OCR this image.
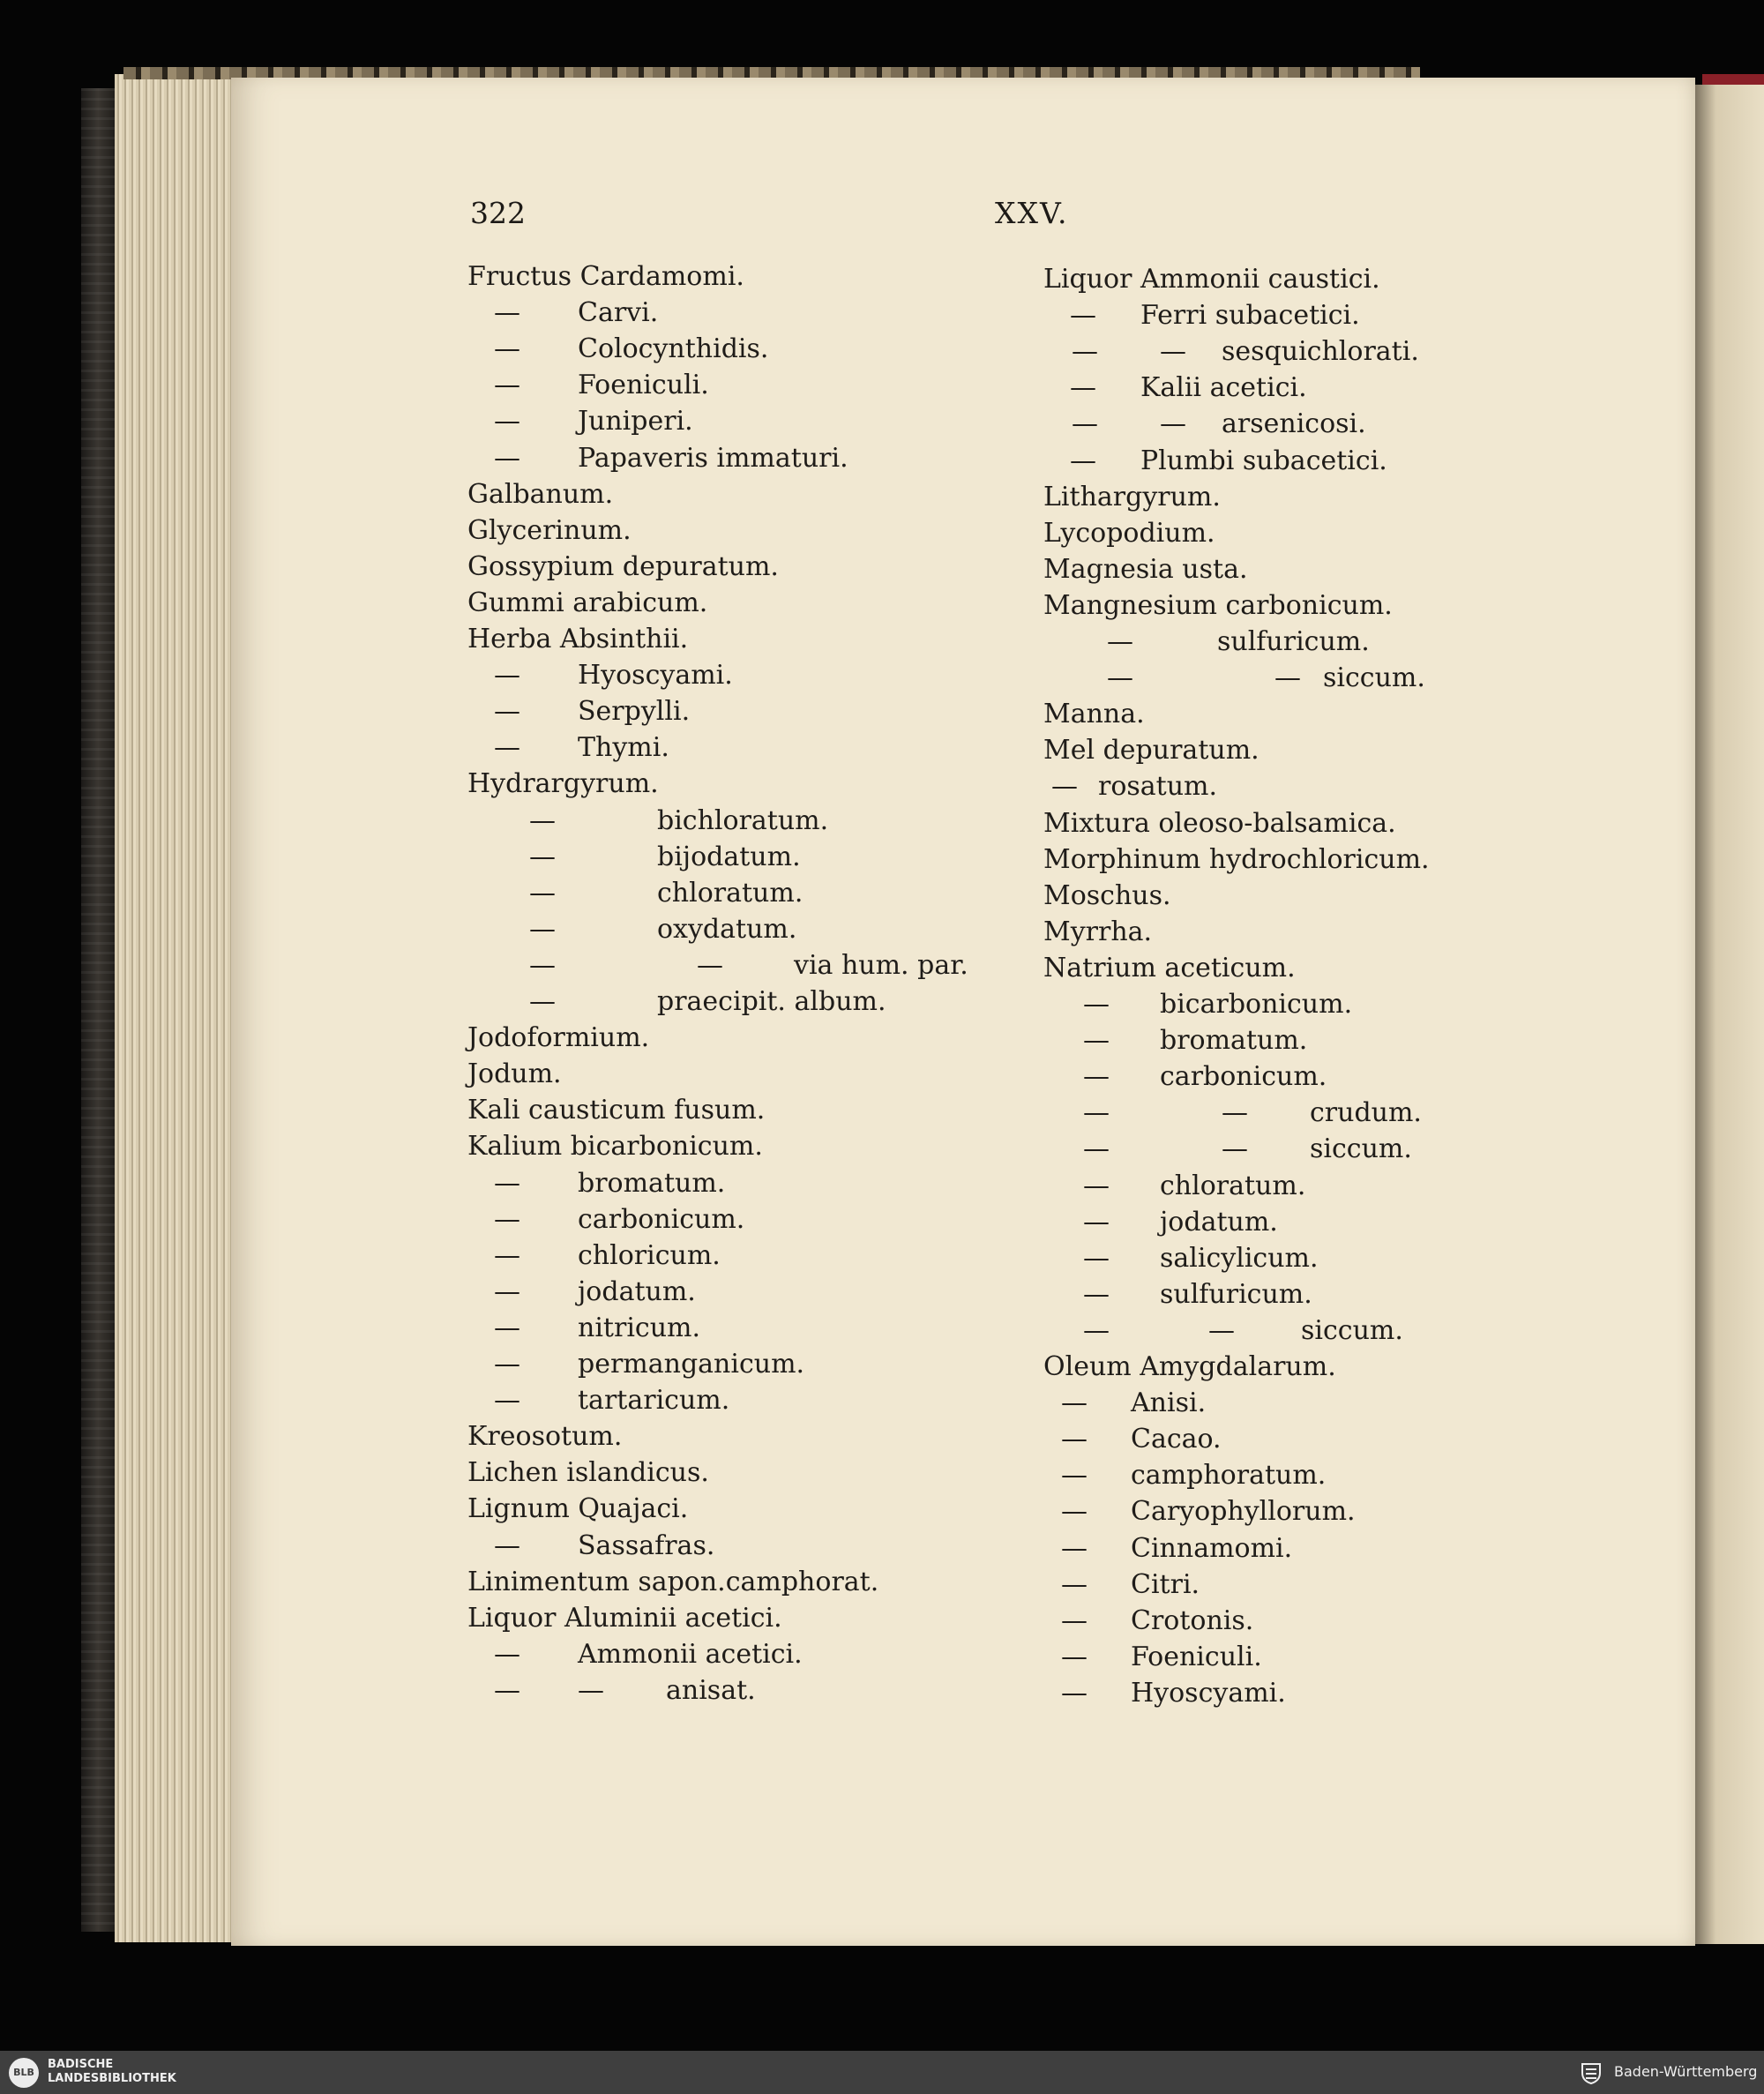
322	XXV.
Fructus Cardamomi.
— Carvi.
— Colocynthidis.
— Foeniculi.
— Juniperi.
— Papaveris immaturi.
Galbanum.
Glycerinum.
Gossypium depuratum.
Gummi arabicum.
Herba Absinthii.
— Hyoscyami.
— Serpylli.
— Thymi.
Hydrargyrum.
—	bichloratum.
—	bijodatum.
—	chloratum.
—	oxydatum.
—	—	via hum. par.
—	praecipit. album.
Jodoformium.
Jodum.
Kali causticum fusum.
Kalium bicarbonicum.
— bromatum.
— carbonicum.
— chloricum.
— jodatum.
— nitricum.
— permanganicum.
— tartaricum.
Kreosotum.
Lichen islandicus.
Lignum Quajaci.
— Sassafras.
Linimentum sapon.camphorat.
Liquor Aluminii acetici.
— Ammonii acetici.
— — anisat.
Liquor Ammonii caustici.
— Ferri subacetici.
— — sesquichlorati.
— Kalii acetici.
— — arsenicosi.
— Plumbi subacetici.
Lithargyrum.
Lycopodium.
Magnesia usta.
Mangnesium carbonicum.
—	sulfuricum.
—	— siccum.
Manna.
Mel depuratum.
— rosatum.
Mixtura oleoso-balsamica.
Morphinum hydrochloricum.
Moschus.
Myrrha.
Natrium aceticum.
— bicarbonicum.
— bromatum.
— carbonicum.
—	— crudum.
—	— siccum.
— chloratum.
— jodatum.
— salicylicum.
— sulfuricum.
—	—	siccum.
Oleum Amygdalarum.
— Anisi.
— Cacao.
— camphoratum.
— Caryophyllorum.
— Cinnamomi.
— Citri.
— Crotonis.
— Foeniculi.
— Hyoscyami.
BLB
BADISCHE
LANDESBIBLIOTHEK	Baden-Württemberg
